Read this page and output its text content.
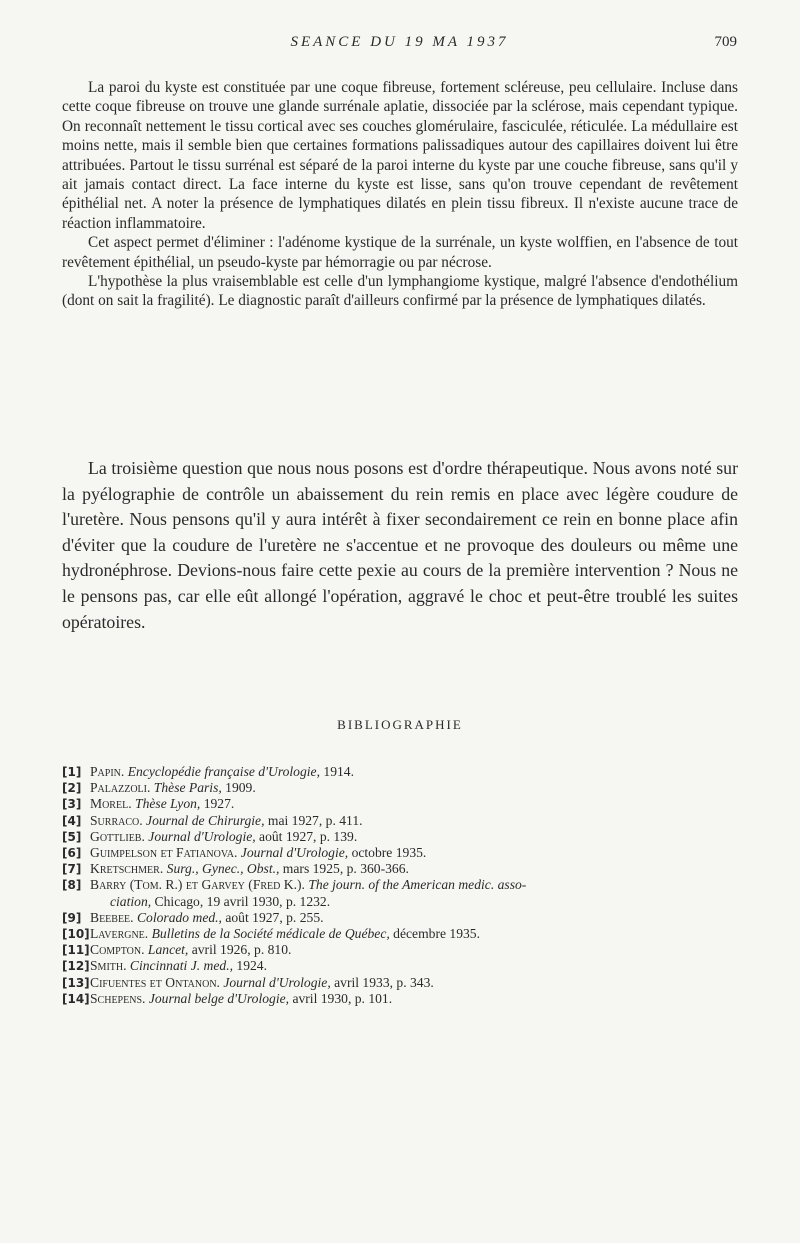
SEANCE DU 19 MA 1937	709

La paroi du kyste est constituée par une coque fibreuse, fortement scléreuse, peu cellulaire. Incluse dans cette coque fibreuse on trouve une glande surrénale aplatie, dissociée par la sclérose, mais cependant typique. On reconnaît nettement le tissu cortical avec ses couches glomérulaire, fasciculée, réticulée. La médullaire est moins nette, mais il semble bien que certaines formations palissadiques autour des capillaires doivent lui être attribuées. Partout le tissu surrénal est séparé de la paroi interne du kyste par une couche fibreuse, sans qu'il y ait jamais contact direct. La face interne du kyste est lisse, sans qu'on trouve cependant de revêtement épithélial net. A noter la présence de lymphatiques dilatés en plein tissu fibreux. Il n'existe aucune trace de réaction inflammatoire.

Cet aspect permet d'éliminer : l'adénome kystique de la surrénale, un kyste wolffien, en l'absence de tout revêtement épithélial, un pseudo-kyste par hémorragie ou par nécrose.

L'hypothèse la plus vraisemblable est celle d'un lymphangiome kystique, malgré l'absence d'endothélium (dont on sait la fragilité). Le diagnostic paraît d'ailleurs confirmé par la présence de lymphatiques dilatés.

La troisième question que nous nous posons est d'ordre thérapeutique. Nous avons noté sur la pyélographie de contrôle un abaissement du rein remis en place avec légère coudure de l'uretère. Nous pensons qu'il y aura intérêt à fixer secondairement ce rein en bonne place afin d'éviter que la coudure de l'uretère ne s'accentue et ne provoque des douleurs ou même une hydronéphrose. Devions-nous faire cette pexie au cours de la première intervention ? Nous ne le pensons pas, car elle eût allongé l'opération, aggravé le choc et peut-être troublé les suites opératoires.

BIBLIOGRAPHIE
[1] Papin. Encyclopédie française d'Urologie, 1914.
[2] Palazzoli. Thèse Paris, 1909.
[3] Morel. Thèse Lyon, 1927.
[4] Surraco. Journal de Chirurgie, mai 1927, p. 411.
[5] Gottlieb. Journal d'Urologie, août 1927, p. 139.
[6] Guimpelson et Fatianova. Journal d'Urologie, octobre 1935.
[7] Kretschmer. Surg., Gynec., Obst., mars 1925, p. 360-366.
[8] Barry (Tom. R.) et Garvey (Fred K.). The journ. of the American medic. asso-
ciation, Chicago, 19 avril 1930, p. 1232.
[9] Beebee. Colorado med., août 1927, p. 255.
[10] Lavergne. Bulletins de la Société médicale de Québec, décembre 1935.
[11] Compton. Lancet, avril 1926, p. 810.
[12] Smith. Cincinnati J. med., 1924.
[13] Cifuentes et Ontanon. Journal d'Urologie, avril 1933, p. 343.
[14] Schepens. Journal belge d'Urologie, avril 1930, p. 101.
